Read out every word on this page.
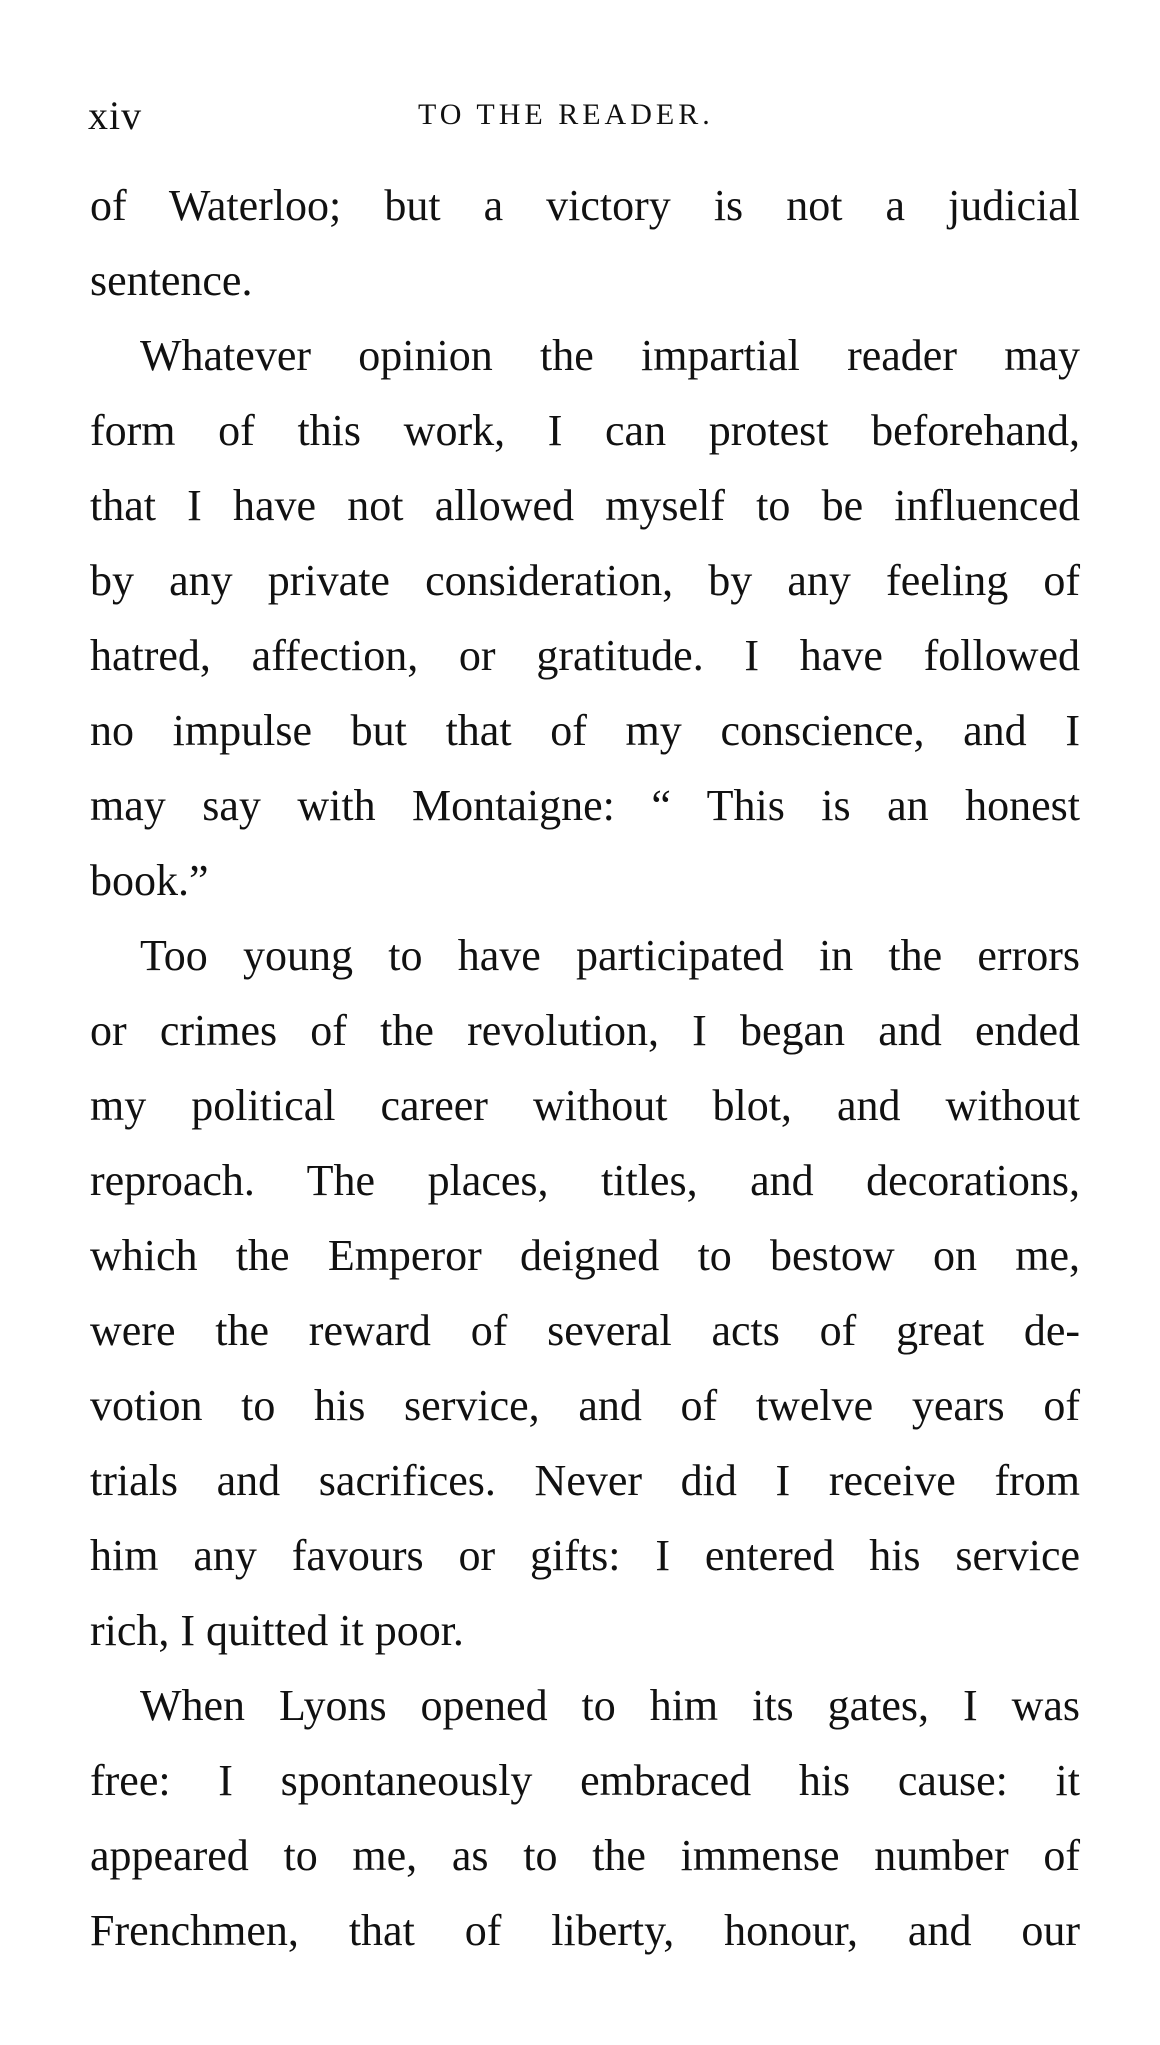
xiv	TO THE READER.
of Waterloo; but a victory is not a judicial
sentence.
Whatever opinion the impartial reader may
form of this work, I can protest beforehand,
that I have not allowed myself to be influenced
by any private consideration, by any feeling of
hatred, affection, or gratitude. I have followed
no impulse but that of my conscience, and I
may say with Montaigne: “ This is an honest
book.”
Too young to have participated in the errors
or crimes of the revolution, I began and ended
my political career without blot, and without
reproach. The places, titles, and decorations,
which the Emperor deigned to bestow on me,
were the reward of several acts of great de-
votion to his service, and of twelve years of
trials and sacrifices. Never did I receive from
him any favours or gifts: I entered his service
rich, I quitted it poor.
When Lyons opened to him its gates, I was
free: I spontaneously embraced his cause: it
appeared to me, as to the immense number of
Frenchmen, that of liberty, honour, and our
